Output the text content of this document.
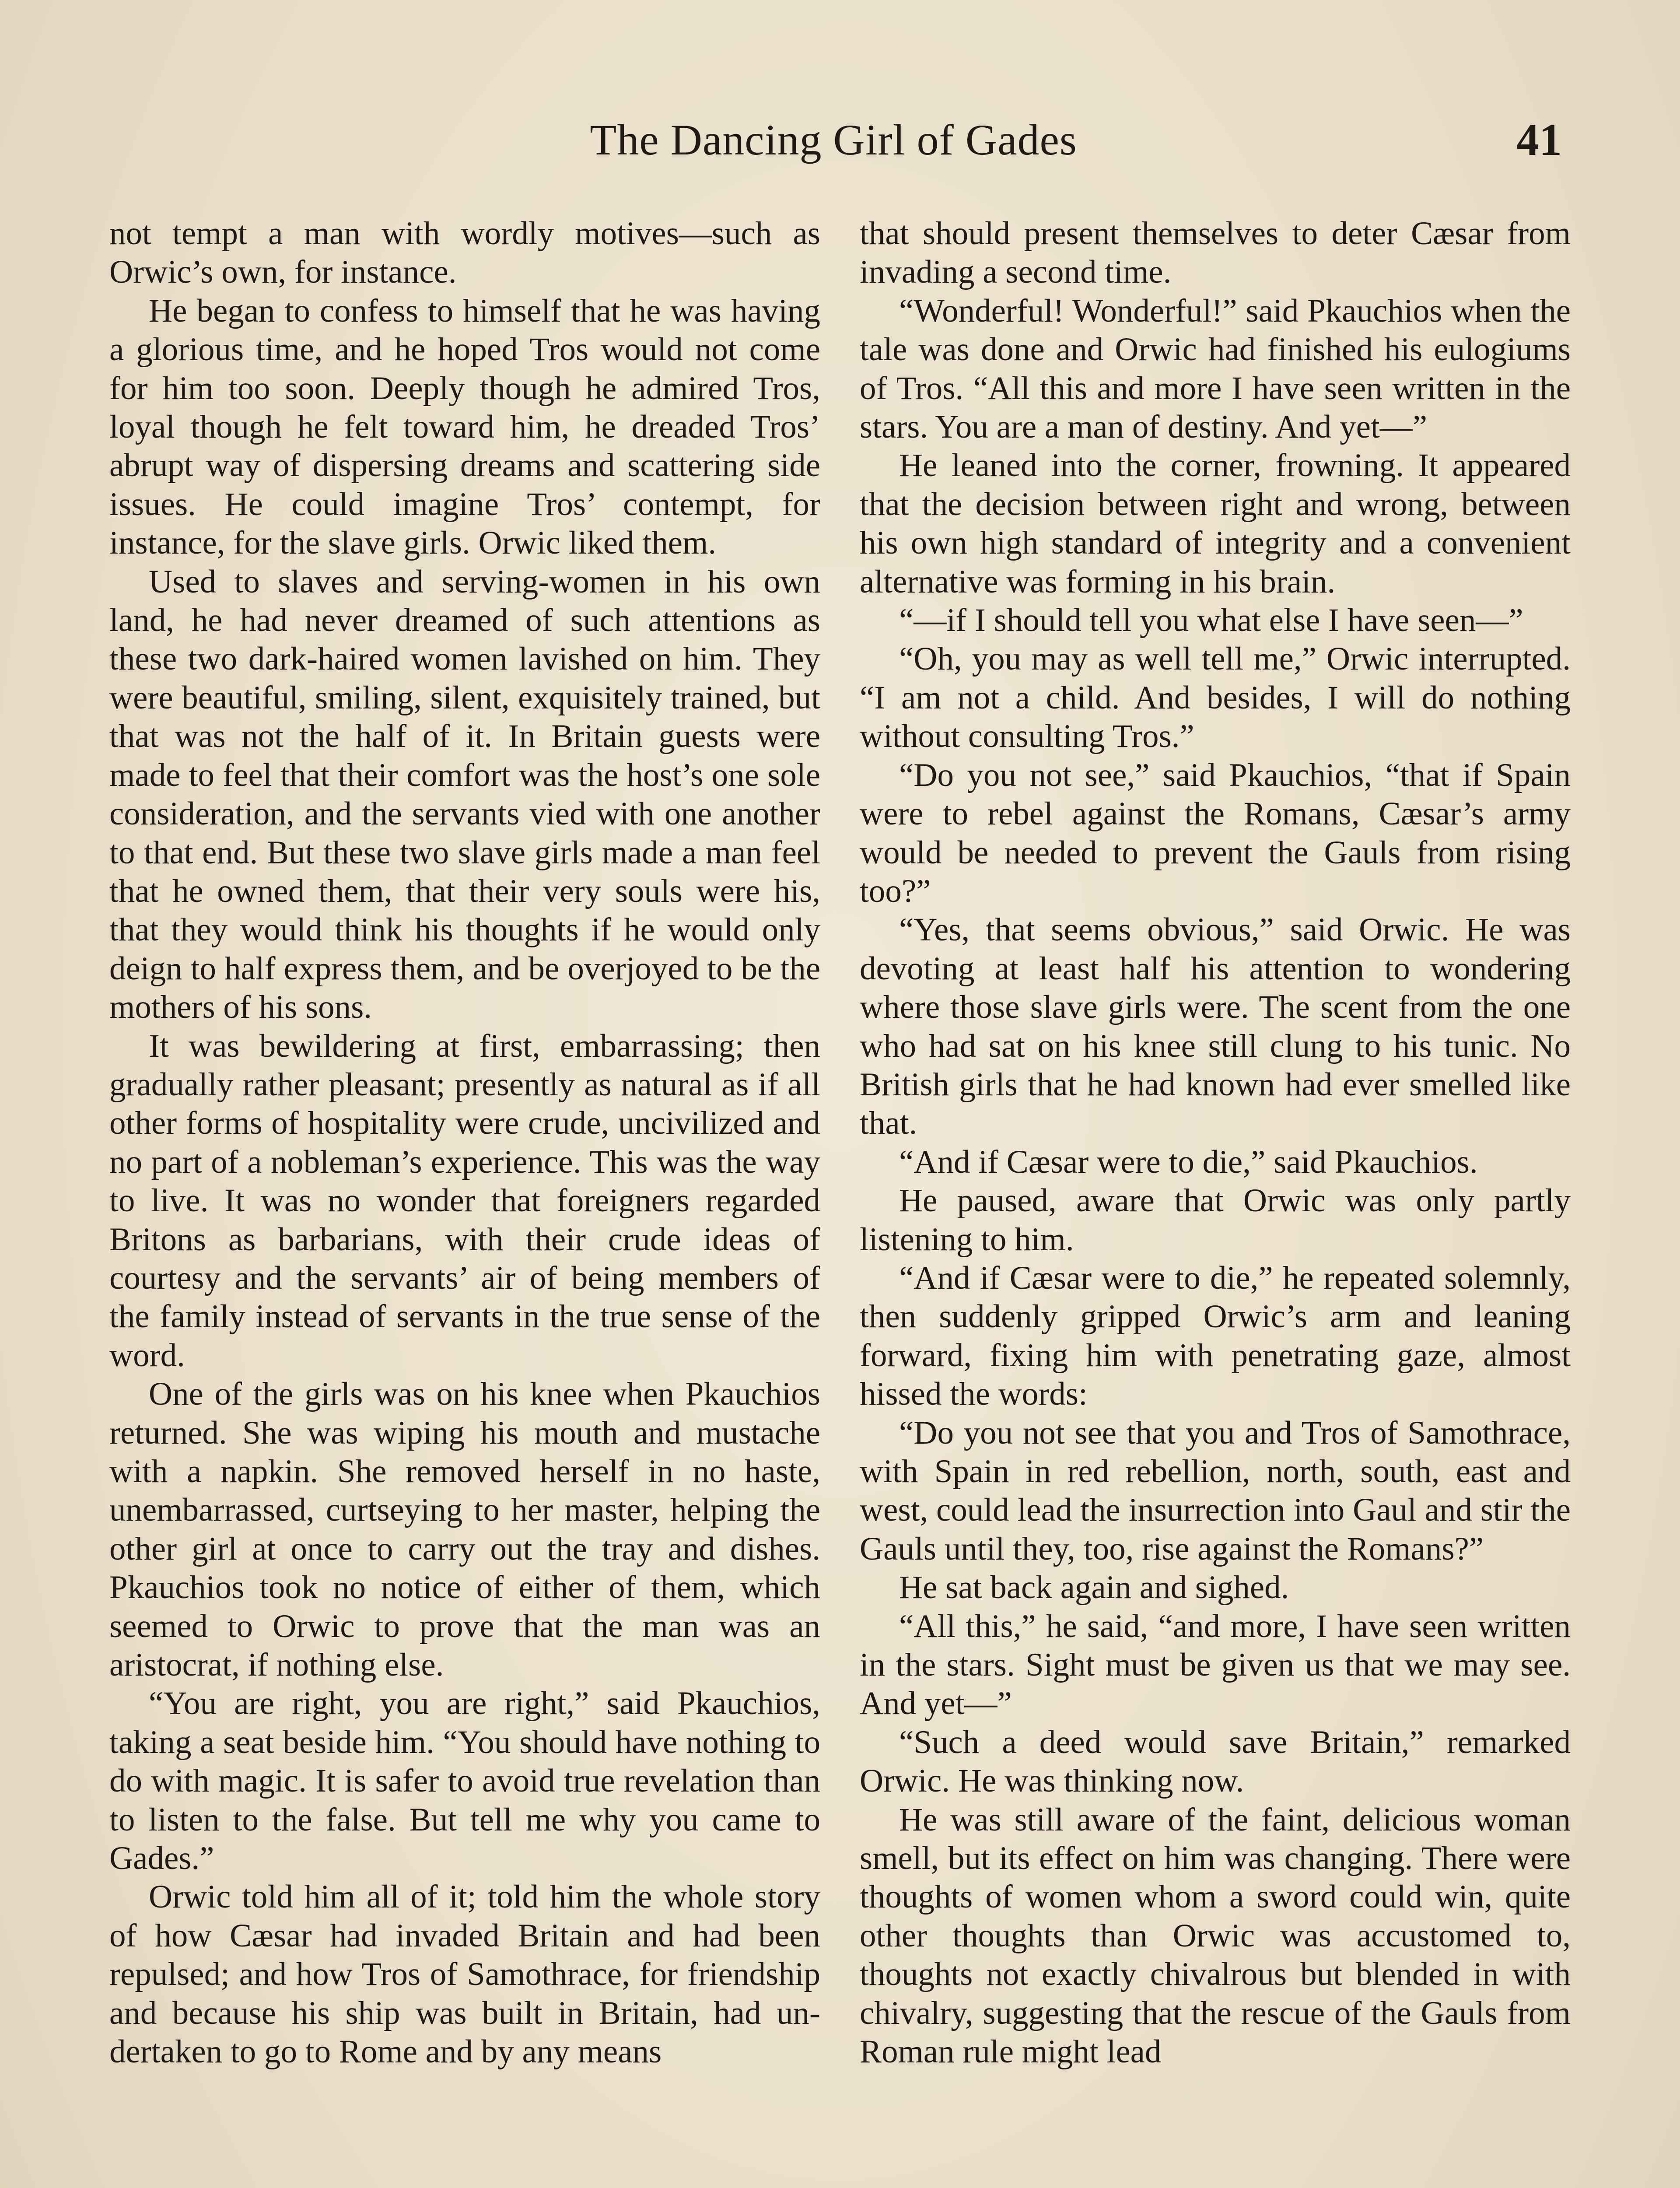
The Dancing Girl of Gades	41

not tempt a man with wordly motives—such as Orwic’s own, for instance.

He began to confess to himself that he was having a glorious time, and he hoped Tros would not come for him too soon. Deeply though he admired Tros, loyal though he felt toward him, he dreaded Tros’ abrupt way of dispersing dreams and scattering side issues. He could imagine Tros’ contempt, for instance, for the slave girls. Orwic liked them.

Used to slaves and serving-women in his own land, he had never dreamed of such attentions as these two dark-haired women lavished on him. They were beautiful, smiling, silent, exquisitely trained, but that was not the half of it. In Britain guests were made to feel that their comfort was the host’s one sole consideration, and the servants vied with one another to that end. But these two slave girls made a man feel that he owned them, that their very souls were his, that they would think his thoughts if he would only deign to half express them, and be overjoyed to be the mothers of his sons.

It was bewildering at first, embarrassing; then gradually rather pleasant; presently as natural as if all other forms of hospitality were crude, uncivilized and no part of a nobleman’s experience. This was the way to live. It was no wonder that foreigners regarded Britons as barbarians, with their crude ideas of courtesy and the servants’ air of being members of the family instead of servants in the true sense of the word.

One of the girls was on his knee when Pkauchios returned. She was wiping his mouth and mustache with a napkin. She removed herself in no haste, unembarrassed, curtseying to her master, helping the other girl at once to carry out the tray and dishes. Pkauchios took no notice of either of them, which seemed to Orwic to prove that the man was an aristocrat, if nothing else.

“You are right, you are right,” said Pkauchios, taking a seat beside him. “You should have nothing to do with magic. It is safer to avoid true revelation than to listen to the false. But tell me why you came to Gades.”

Orwic told him all of it; told him the whole story of how Cæsar had invaded Britain and had been repulsed; and how Tros of Samothrace, for friendship and because his ship was built in Britain, had undertaken to go to Rome and by any means

that should present themselves to deter Cæsar from invading a second time.

“Wonderful! Wonderful!” said Pkauchios when the tale was done and Orwic had finished his eulogiums of Tros. “All this and more I have seen written in the stars. You are a man of destiny. And yet—”

He leaned into the corner, frowning. It appeared that the decision between right and wrong, between his own high standard of integrity and a convenient alternative was forming in his brain.

“—if I should tell you what else I have seen—”

“Oh, you may as well tell me,” Orwic interrupted. “I am not a child. And besides, I will do nothing without consulting Tros.”

“Do you not see,” said Pkauchios, “that if Spain were to rebel against the Romans, Cæsar’s army would be needed to prevent the Gauls from rising too?”

“Yes, that seems obvious,” said Orwic. He was devoting at least half his attention to wondering where those slave girls were. The scent from the one who had sat on his knee still clung to his tunic. No British girls that he had known had ever smelled like that.

“And if Cæsar were to die,” said Pkauchios.

He paused, aware that Orwic was only partly listening to him.

“And if Cæsar were to die,” he repeated solemnly, then suddenly gripped Orwic’s arm and leaning forward, fixing him with penetrating gaze, almost hissed the words:

“Do you not see that you and Tros of Samothrace, with Spain in red rebellion, north, south, east and west, could lead the insurrection into Gaul and stir the Gauls until they, too, rise against the Romans?”

He sat back again and sighed.

“All this,” he said, “and more, I have seen written in the stars. Sight must be given us that we may see. And yet—”

“Such a deed would save Britain,” remarked Orwic. He was thinking now.

He was still aware of the faint, delicious woman smell, but its effect on him was changing. There were thoughts of women whom a sword could win, quite other thoughts than Orwic was accustomed to, thoughts not exactly chivalrous but blended in with chivalry, suggesting that the rescue of the Gauls from Roman rule might lead
